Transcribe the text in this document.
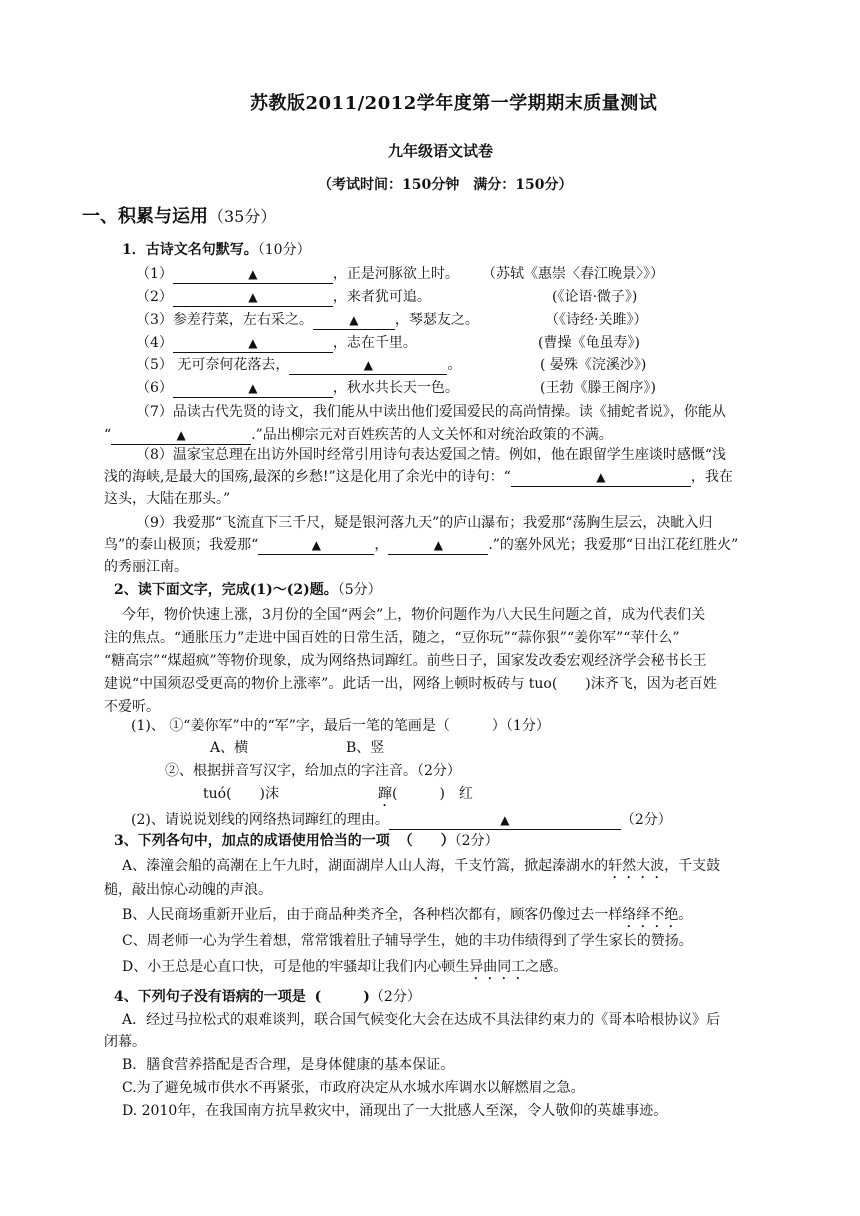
苏教版2011/2012学年度第一学期期末质量测试
九年级语文试卷
（考试时间：150分钟　满分：150分）
一、积累与运用（35分）
1．古诗文名句默写。（10分）
（1）	▲	，正是河豚欲上时。 （苏轼《惠崇〈春江晚景〉》）
（2）	▲	，来者犹可追。	(《论语·微子》)
（3）参差荇菜，左右采之。	▲	，琴瑟友之。	（《诗经·关雎》）
（4）	▲	，志在千里。	(曹操《龟虽寿》)
（5） 无可奈何花落去，	▲	。	( 晏殊《浣溪沙》)
（6）	▲	，秋水共长天一色。	(王勃《滕王阁序》)
（7）品读古代先贤的诗文，我们能从中读出他们爱国爱民的高尚情操。读《捕蛇者说》，你能从
“	▲	.”品出柳宗元对百姓疾苦的人文关怀和对统治政策的不满。
（8）温家宝总理在出访外国时经常引用诗句表达爱国之情。例如，他在跟留学生座谈时感慨“浅
浅的海峡,是最大的国殇,最深的乡愁!”这是化用了余光中的诗句：“	▲	，我在
这头，大陆在那头。”
（9）我爱那“飞流直下三千尺，疑是银河落九天”的庐山瀑布；我爱那“荡胸生层云，决眦入归
鸟”的泰山极顶；我爱那“	▲	，	▲	.”的塞外风光；我爱那“日出江花红胜火”
的秀丽江南。
2、读下面文字，完成(1)～(2)题。（5分）
今年，物价快速上涨，3月份的全国“两会”上，物价问题作为八大民生问题之首，成为代表们关
注的焦点。“通胀压力”走进中国百姓的日常生活，随之，“豆你玩”“蒜你狠”“姜你军”“苹什么”
“糖高宗”“煤超疯”等物价现象，成为网络热词蹿红。前些日子，国家发改委宏观经济学会秘书长王
建说“中国须忍受更高的物价上涨率”。此话一出，网络上顿时板砖与 tuo(　　)沫齐飞，因为老百姓
不爱听。
(1)、 ①“姜你军”中的“军”字，最后一笔的笔画是（　　　）（1分）
A、横	B、竖
②、根据拼音写汉字，给加点的字注音。（2分）
tuó(　　)沫	蹿(　　　)　红
(2)、请说说划线的网络热词蹿红的理由。	▲	（2分）
3、下列各句中，加点的成语使用恰当的一项 （　　）（2分）
A、溱潼会船的高潮在上午九时，湖面湖岸人山人海，千支竹篙，掀起溱湖水的轩然大波，千支鼓
槌，敲出惊心动魄的声浪。
B、人民商场重新开业后，由于商品种类齐全，各种档次都有，顾客仍像过去一样络绎不绝。
C、周老师一心为学生着想，常常饿着肚子辅导学生，她的丰功伟绩得到了学生家长的赞扬。
D、小王总是心直口快，可是他的牢骚却让我们内心顿生异曲同工之感。
4、下列句子没有语病的一项是 (　　　)（2分）
A．经过马拉松式的艰难谈判，联合国气候变化大会在达成不具法律约束力的《哥本哈根协议》后
闭幕。
B．膳食营养搭配是否合理，是身体健康的基本保证。
C.为了避免城市供水不再紧张，市政府决定从水城水库调水以解燃眉之急。
D. 2010年，在我国南方抗旱救灾中，涌现出了一大批感人至深，令人敬仰的英雄事迹。
